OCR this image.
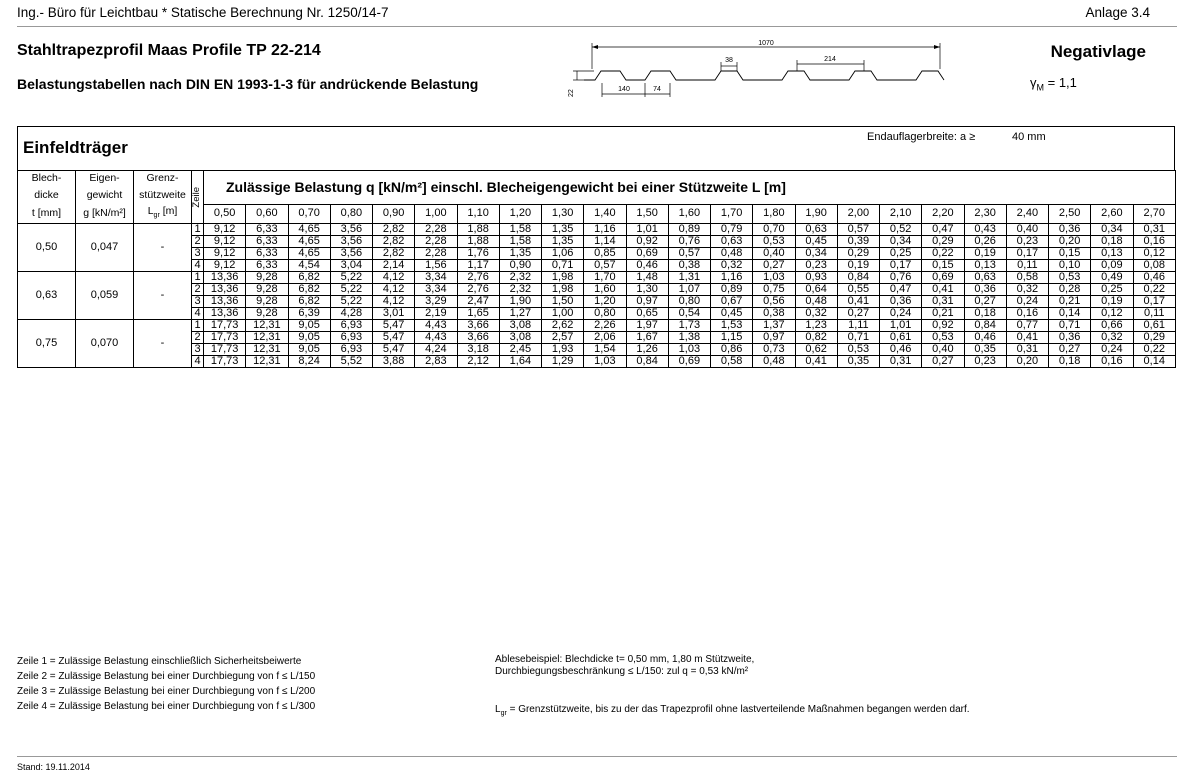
Ing.- Büro für Leichtbau * Statische Berechnung Nr. 1250/14-7	Anlage 3.4
Stahltrapezprofil Maas Profile TP 22-214
Belastungstabellen nach DIN EN 1993-1-3 für andrückende Belastung
Negativlage
$\gamma_M = 1,1$
1070
214
38
22	140	74
Einfeldträger
Endauflagerbreite: a ≥	40 mm
Blech-	Eigen-	Grenz-	Zeile	Zulässige Belastung q [kN/m²] einschl. Blecheigengewicht bei einer Stützweite L [m]																						
dicke	gewicht	stützweite																								
t [mm]	g [kN/m²]	$L_{gr}$ [m]		0,50	0,60	0,70	0,80	0,90	1,00	1,10	1,20	1,30	1,40	1,50	1,60	1,70	1,80	1,90	2,00	2,10	2,20	2,30	2,40	2,50	2,60	2,70
0,50	0,047	-	1	9,12	6,33	4,65	3,56	2,82	2,28	1,88	1,58	1,35	1,16	1,01	0,89	0,79	0,70	0,63	0,57	0,52	0,47	0,43	0,40	0,36	0,34	0,31
			2	9,12	6,33	4,65	3,56	2,82	2,28	1,88	1,58	1,35	1,14	0,92	0,76	0,63	0,53	0,45	0,39	0,34	0,29	0,26	0,23	0,20	0,18	0,16
			3	9,12	6,33	4,65	3,56	2,82	2,28	1,76	1,35	1,06	0,85	0,69	0,57	0,48	0,40	0,34	0,29	0,25	0,22	0,19	0,17	0,15	0,13	0,12
			4	9,12	6,33	4,54	3,04	2,14	1,56	1,17	0,90	0,71	0,57	0,46	0,38	0,32	0,27	0,23	0,19	0,17	0,15	0,13	0,11	0,10	0,09	0,08
0,63	0,059	-	1	13,36	9,28	6,82	5,22	4,12	3,34	2,76	2,32	1,98	1,70	1,48	1,31	1,16	1,03	0,93	0,84	0,76	0,69	0,63	0,58	0,53	0,49	0,46
			2	13,36	9,28	6,82	5,22	4,12	3,34	2,76	2,32	1,98	1,60	1,30	1,07	0,89	0,75	0,64	0,55	0,47	0,41	0,36	0,32	0,28	0,25	0,22
			3	13,36	9,28	6,82	5,22	4,12	3,29	2,47	1,90	1,50	1,20	0,97	0,80	0,67	0,56	0,48	0,41	0,36	0,31	0,27	0,24	0,21	0,19	0,17
			4	13,36	9,28	6,39	4,28	3,01	2,19	1,65	1,27	1,00	0,80	0,65	0,54	0,45	0,38	0,32	0,27	0,24	0,21	0,18	0,16	0,14	0,12	0,11
0,75	0,070	-	1	17,73	12,31	9,05	6,93	5,47	4,43	3,66	3,08	2,62	2,26	1,97	1,73	1,53	1,37	1,23	1,11	1,01	0,92	0,84	0,77	0,71	0,66	0,61
			2	17,73	12,31	9,05	6,93	5,47	4,43	3,66	3,08	2,57	2,06	1,67	1,38	1,15	0,97	0,82	0,71	0,61	0,53	0,46	0,41	0,36	0,32	0,29
			3	17,73	12,31	9,05	6,93	5,47	4,24	3,18	2,45	1,93	1,54	1,26	1,03	0,86	0,73	0,62	0,53	0,46	0,40	0,35	0,31	0,27	0,24	0,22
			4	17,73	12,31	8,24	5,52	3,88	2,83	2,12	1,64	1,29	1,03	0,84	0,69	0,58	0,48	0,41	0,35	0,31	0,27	0,23	0,20	0,18	0,16	0,14
Zeile 1 = Zulässige Belastung einschließlich Sicherheitsbeiwerte
Zeile 2 = Zulässige Belastung bei einer Durchbiegung von f ≤ L/150
Zeile 3 = Zulässige Belastung bei einer Durchbiegung von f ≤ L/200
Zeile 4 = Zulässige Belastung bei einer Durchbiegung von f ≤ L/300
Ablesebeispiel: Blechdicke t= 0,50 mm, 1,80 m Stützweite,
Durchbiegungsbeschränkung ≤ L/150: zul q = 0,53 kN/m²
$L_{gr}$ = Grenzstützweite, bis zu der das Trapezprofil ohne lastverteilende Maßnahmen begangen werden darf.
Stand: 19.11.2014
